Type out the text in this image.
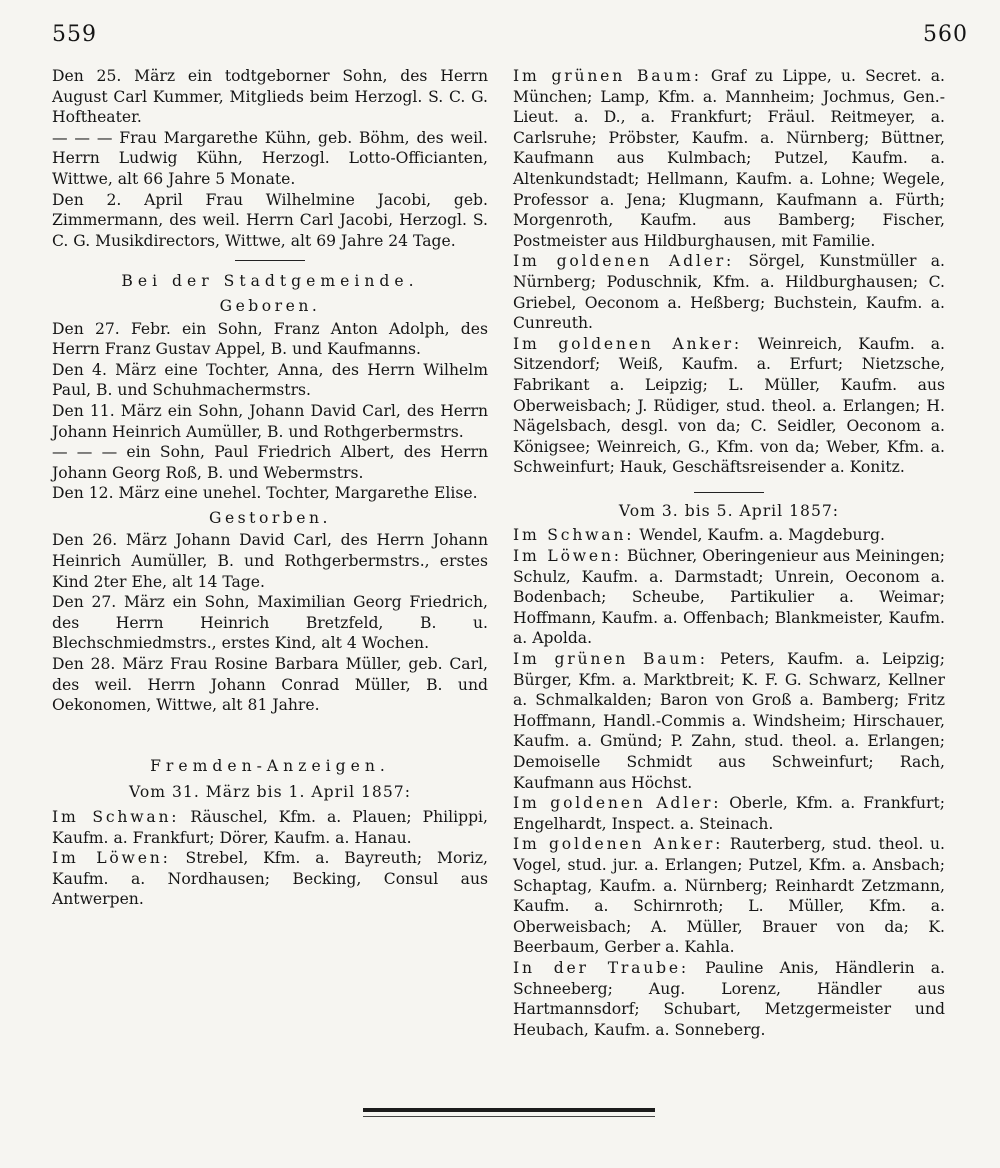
559	560

Den 25. März ein todtgeborner Sohn, des Herrn August Carl Kummer, Mitglieds beim Herzogl. S. C. G. Hoftheater.

— — — Frau Margarethe Kühn, geb. Böhm, des weil. Herrn Ludwig Kühn, Herzogl. Lotto-Officianten, Wittwe, alt 66 Jahre 5 Monate.

Den 2. April Frau Wilhelmine Jacobi, geb. Zimmermann, des weil. Herrn Carl Jacobi, Herzogl. S. C. G. Musikdirectors, Wittwe, alt 69 Jahre 24 Tage.

Bei der Stadtgemeinde.

Geboren.

Den 27. Febr. ein Sohn, Franz Anton Adolph, des Herrn Franz Gustav Appel, B. und Kaufmanns.

Den 4. März eine Tochter, Anna, des Herrn Wilhelm Paul, B. und Schuhmachermstrs.

Den 11. März ein Sohn, Johann David Carl, des Herrn Johann Heinrich Aumüller, B. und Rothgerbermstrs.

— — — ein Sohn, Paul Friedrich Albert, des Herrn Johann Georg Roß, B. und Webermstrs.

Den 12. März eine unehel. Tochter, Margarethe Elise.

Gestorben.

Den 26. März Johann David Carl, des Herrn Johann Heinrich Aumüller, B. und Rothgerbermstrs., erstes Kind 2ter Ehe, alt 14 Tage.

Den 27. März ein Sohn, Maximilian Georg Friedrich, des Herrn Heinrich Bretzfeld, B. u. Blechschmiedmstrs., erstes Kind, alt 4 Wochen.

Den 28. März Frau Rosine Barbara Müller, geb. Carl, des weil. Herrn Johann Conrad Müller, B. und Oekonomen, Wittwe, alt 81 Jahre.

Fremden-Anzeigen.

Vom 31. März bis 1. April 1857:

Im Schwan: Räuschel, Kfm. a. Plauen; Philippi, Kaufm. a. Frankfurt; Dörer, Kaufm. a. Hanau.

Im Löwen: Strebel, Kfm. a. Bayreuth; Moriz, Kaufm. a. Nordhausen; Becking, Consul aus Antwerpen.

Im grünen Baum: Graf zu Lippe, u. Secret. a. München; Lamp, Kfm. a. Mannheim; Jochmus, Gen.-Lieut. a. D., a. Frankfurt; Fräul. Reitmeyer, a. Carlsruhe; Pröbster, Kaufm. a. Nürnberg; Büttner, Kaufmann aus Kulmbach; Putzel, Kaufm. a. Altenkundstadt; Hellmann, Kaufm. a. Lohne; Wegele, Professor a. Jena; Klugmann, Kaufmann a. Fürth; Morgenroth, Kaufm. aus Bamberg; Fischer, Postmeister aus Hildburghausen, mit Familie.

Im goldenen Adler: Sörgel, Kunstmüller a. Nürnberg; Poduschnik, Kfm. a. Hildburghausen; C. Griebel, Oeconom a. Heßberg; Buchstein, Kaufm. a. Cunreuth.

Im goldenen Anker: Weinreich, Kaufm. a. Sitzendorf; Weiß, Kaufm. a. Erfurt; Nietzsche, Fabrikant a. Leipzig; L. Müller, Kaufm. aus Oberweisbach; J. Rüdiger, stud. theol. a. Erlangen; H. Nägelsbach, desgl. von da; C. Seidler, Oeconom a. Königsee; Weinreich, G., Kfm. von da; Weber, Kfm. a. Schweinfurt; Hauk, Geschäftsreisender a. Konitz.

Vom 3. bis 5. April 1857:

Im Schwan: Wendel, Kaufm. a. Magdeburg.

Im Löwen: Büchner, Oberingenieur aus Meiningen; Schulz, Kaufm. a. Darmstadt; Unrein, Oeconom a. Bodenbach; Scheube, Partikulier a. Weimar; Hoffmann, Kaufm. a. Offenbach; Blankmeister, Kaufm. a. Apolda.

Im grünen Baum: Peters, Kaufm. a. Leipzig; Bürger, Kfm. a. Marktbreit; K. F. G. Schwarz, Kellner a. Schmalkalden; Baron von Groß a. Bamberg; Fritz Hoffmann, Handl.-Commis a. Windsheim; Hirschauer, Kaufm. a. Gmünd; P. Zahn, stud. theol. a. Erlangen; Demoiselle Schmidt aus Schweinfurt; Rach, Kaufmann aus Höchst.

Im goldenen Adler: Oberle, Kfm. a. Frankfurt; Engelhardt, Inspect. a. Steinach.

Im goldenen Anker: Rauterberg, stud. theol. u. Vogel, stud. jur. a. Erlangen; Putzel, Kfm. a. Ansbach; Schaptag, Kaufm. a. Nürnberg; Reinhardt Zetzmann, Kaufm. a. Schirnroth; L. Müller, Kfm. a. Oberweisbach; A. Müller, Brauer von da; K. Beerbaum, Gerber a. Kahla.

In der Traube: Pauline Anis, Händlerin a. Schneeberg; Aug. Lorenz, Händler aus Hartmannsdorf; Schubart, Metzgermeister und Heubach, Kaufm. a. Sonneberg.
